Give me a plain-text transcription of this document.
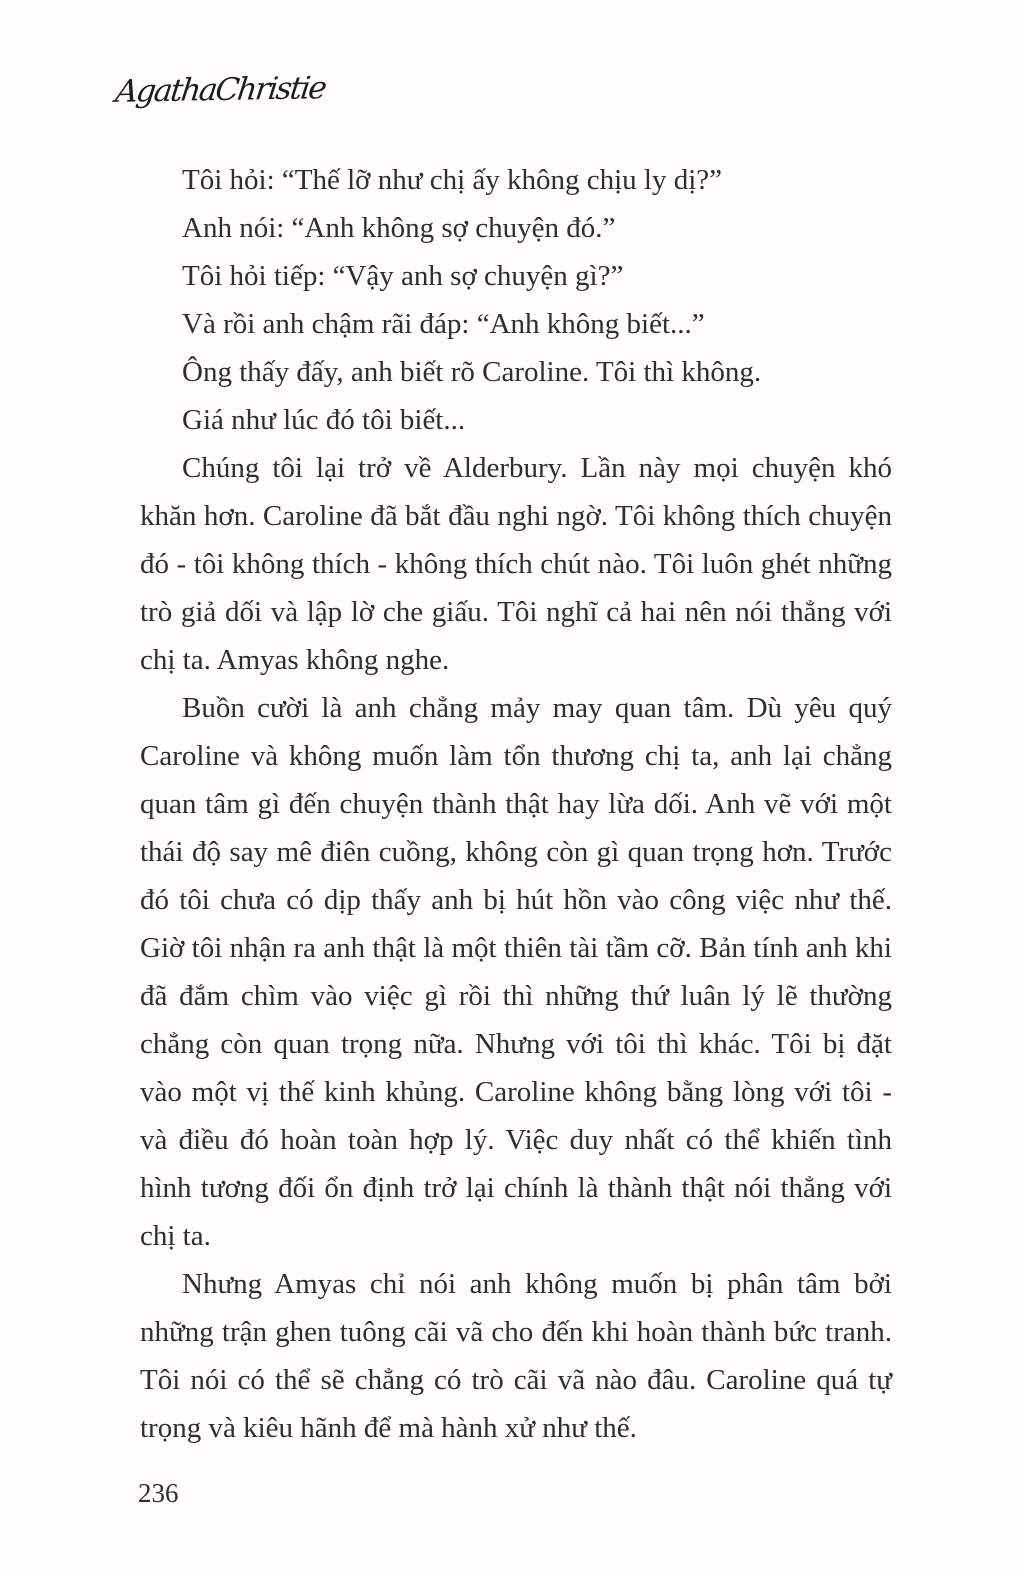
AgathaChristie

Tôi hỏi: “Thế lỡ như chị ấy không chịu ly dị?”

Anh nói: “Anh không sợ chuyện đó.”

Tôi hỏi tiếp: “Vậy anh sợ chuyện gì?”

Và rồi anh chậm rãi đáp: “Anh không biết...”

Ông thấy đấy, anh biết rõ Caroline. Tôi thì không.

Giá như lúc đó tôi biết...

Chúng tôi lại trở về Alderbury. Lần này mọi chuyện khó khăn hơn. Caroline đã bắt đầu nghi ngờ. Tôi không thích chuyện đó - tôi không thích - không thích chút nào. Tôi luôn ghét những trò giả dối và lập lờ che giấu. Tôi nghĩ cả hai nên nói thẳng với chị ta. Amyas không nghe.

Buồn cười là anh chẳng mảy may quan tâm. Dù yêu quý Caroline và không muốn làm tổn thương chị ta, anh lại chẳng quan tâm gì đến chuyện thành thật hay lừa dối. Anh vẽ với một thái độ say mê điên cuồng, không còn gì quan trọng hơn. Trước đó tôi chưa có dịp thấy anh bị hút hồn vào công việc như thế. Giờ tôi nhận ra anh thật là một thiên tài tầm cỡ. Bản tính anh khi đã đắm chìm vào việc gì rồi thì những thứ luân lý lẽ thường chẳng còn quan trọng nữa. Nhưng với tôi thì khác. Tôi bị đặt vào một vị thế kinh khủng. Caroline không bằng lòng với tôi - và điều đó hoàn toàn hợp lý. Việc duy nhất có thể khiến tình hình tương đối ổn định trở lại chính là thành thật nói thẳng với chị ta.

Nhưng Amyas chỉ nói anh không muốn bị phân tâm bởi những trận ghen tuông cãi vã cho đến khi hoàn thành bức tranh. Tôi nói có thể sẽ chẳng có trò cãi vã nào đâu. Caroline quá tự trọng và kiêu hãnh để mà hành xử như thế.

236
